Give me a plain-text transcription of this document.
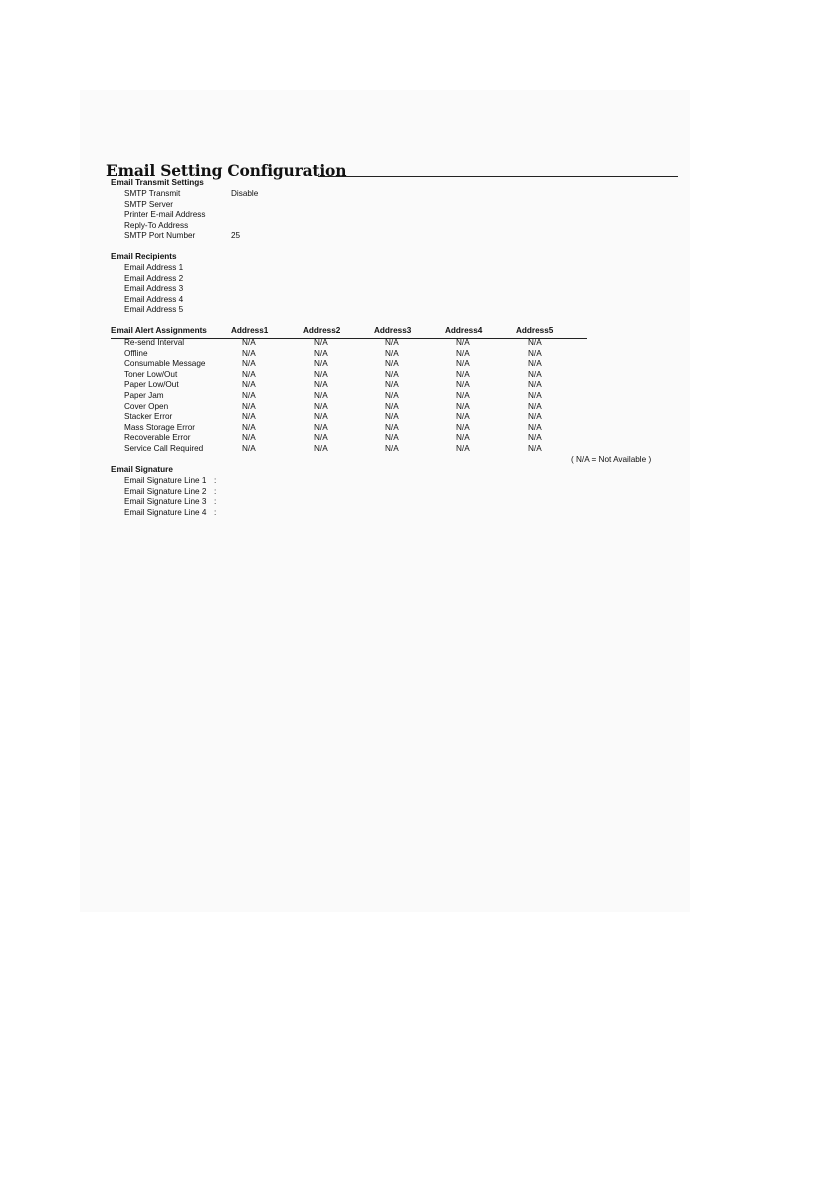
Email Setting Configuration
Email Transmit Settings
SMTP Transmit	Disable
SMTP Server
Printer E-mail Address
Reply-To Address
SMTP Port Number	25
Email Recipients
Email Address 1
Email Address 2
Email Address 3
Email Address 4
Email Address 5
Email Alert Assignments	Address1	Address2	Address3	Address4	Address5
Re-send Interval	N/A	N/A	N/A	N/A	N/A
Offline	N/A	N/A	N/A	N/A	N/A
Consumable Message	N/A	N/A	N/A	N/A	N/A
Toner Low/Out	N/A	N/A	N/A	N/A	N/A
Paper Low/Out	N/A	N/A	N/A	N/A	N/A
Paper Jam	N/A	N/A	N/A	N/A	N/A
Cover Open	N/A	N/A	N/A	N/A	N/A
Stacker Error	N/A	N/A	N/A	N/A	N/A
Mass Storage Error	N/A	N/A	N/A	N/A	N/A
Recoverable Error	N/A	N/A	N/A	N/A	N/A
Service Call Required	N/A	N/A	N/A	N/A	N/A
( N/A = Not Available )
Email Signature
Email Signature Line 1 :
Email Signature Line 2 :
Email Signature Line 3 :
Email Signature Line 4 :
